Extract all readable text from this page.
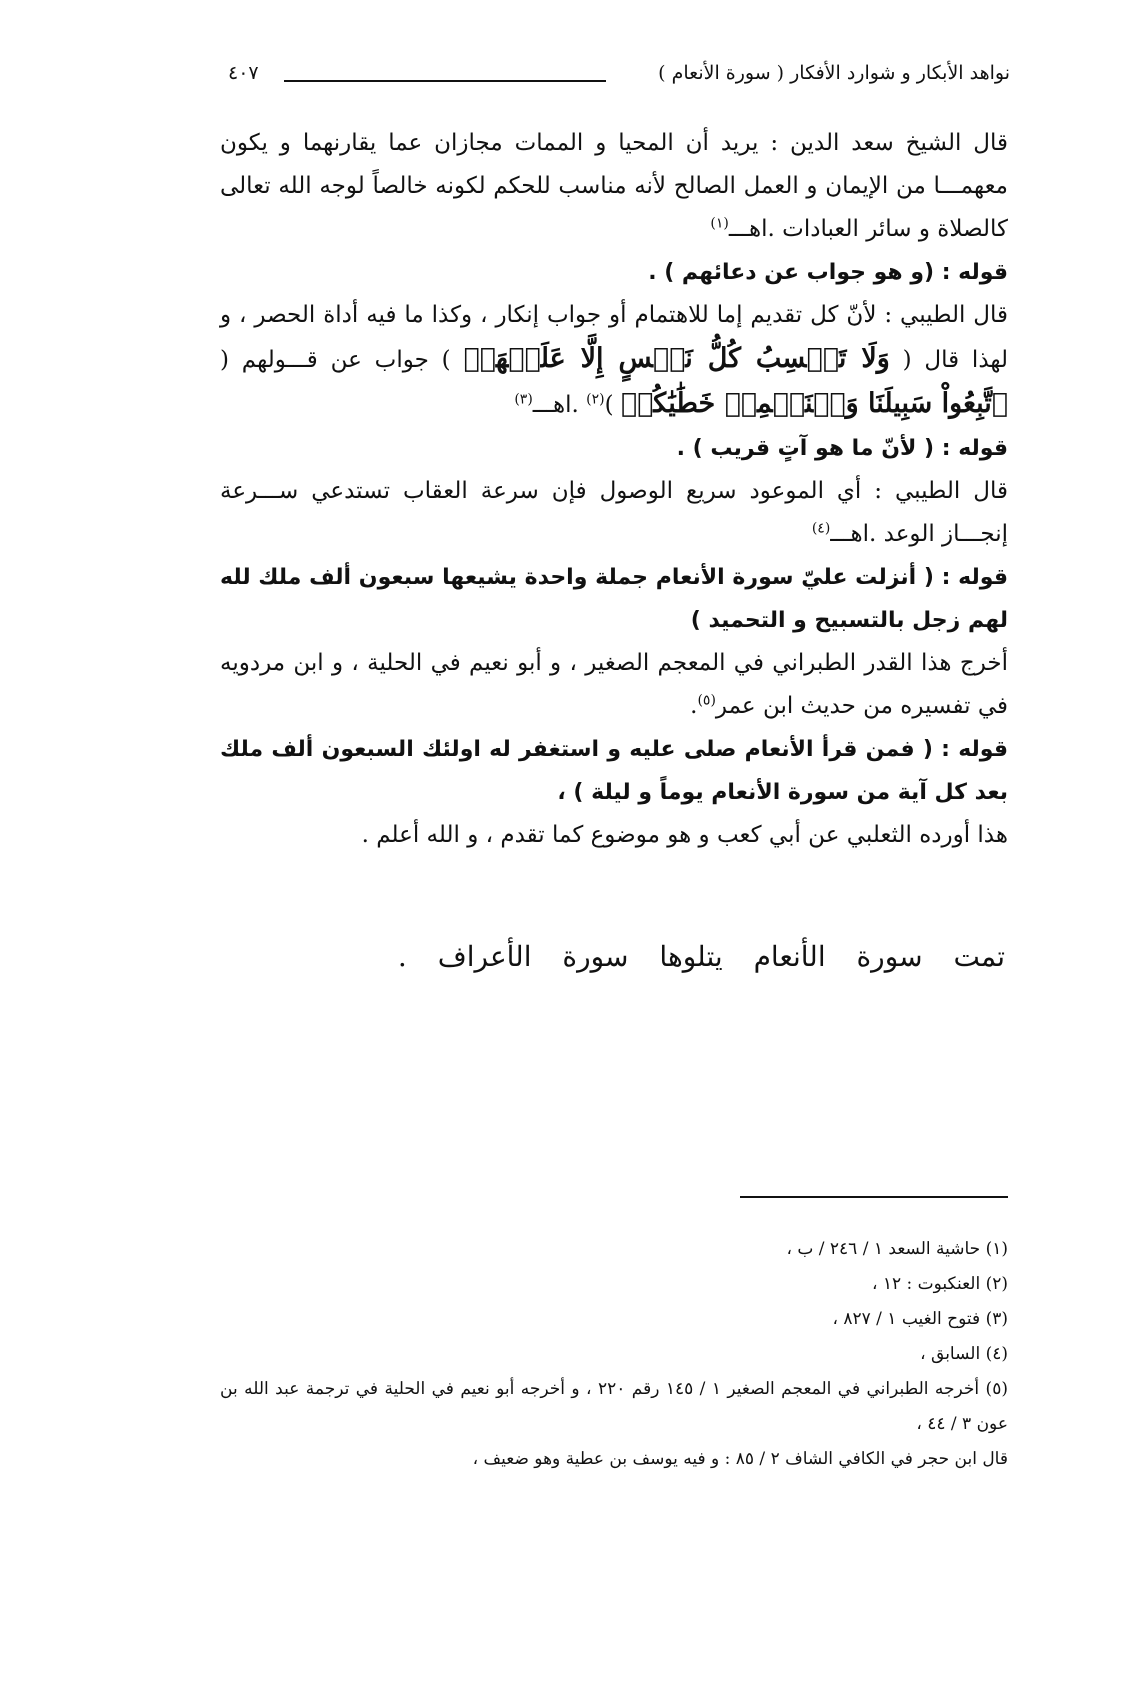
نواهد الأبكار و شوارد الأفكار ( سورة الأنعام )
٤٠٧

قال الشيخ سعد الدين : يريد أن المحيا و الممات مجازان عما يقارنهما و يكون معهمـــا من الإيمان و العمل الصالح لأنه مناسب للحكم لكونه خالصاً لوجه الله تعالى كالصلاة و سائر العبادات .اهـــ$^{(١)}$

قوله : (و هو جواب عن دعائهم ) .

قال الطيبي : لأنّ كل تقديم إما للاهتمام أو جواب إنكار ، وكذا ما فيه أداة الحصر ، و لهذا قال ( وَلَا تَكۡسِبُ كُلُّ نَفۡسٍ إِلَّا عَلَيۡهَاۚ ) جواب عن قـــولهم ( ٱتَّبِعُواْ سَبِيلَنَا وَلۡنَحۡمِلۡ خَطَٰيَٰكُمۡ )$^{(٢)}$ .اهـــ$^{(٣)}$

قوله : ( لأنّ ما هو آتٍ قريب ) .

قال الطيبي : أي الموعود سريع الوصول فإن سرعة العقاب تستدعي ســـرعة إنجـــاز الوعد .اهـــ$^{(٤)}$

قوله : ( أنزلت عليّ سورة الأنعام جملة واحدة يشيعها سبعون ألف ملك لله لهم زجل بالتسبيح و التحميد )

أخرج هذا القدر الطبراني في المعجم الصغير ، و أبو نعيم في الحلية ، و ابن مردويه في تفسيره من حديث ابن عمر$^{(٥)}$.

قوله : ( فمن قرأ الأنعام صلى عليه و استغفر له اولئك السبعون ألف ملك بعد كل آية من سورة الأنعام يوماً و ليلة ) ،

هذا أورده الثعلبي عن أبي كعب و هو موضوع كما تقدم ، و الله أعلم .

تمت سورة الأنعام يتلوها سورة الأعراف .

(١) حاشية السعد ١ / ٢٤٦ / ب ،

(٢) العنكبوت : ١٢ ،

(٣) فتوح الغيب ١ / ٨٢٧ ،

(٤) السابق ،

(٥) أخرجه الطبراني في المعجم الصغير ١ / ١٤٥ رقم ٢٢٠ ، و أخرجه أبو نعيم في الحلية في ترجمة عبد الله بن عون ٣ / ٤٤ ،

قال ابن حجر في الكافي الشاف ٢ / ٨٥ : و فيه يوسف بن عطية وهو ضعيف ،
